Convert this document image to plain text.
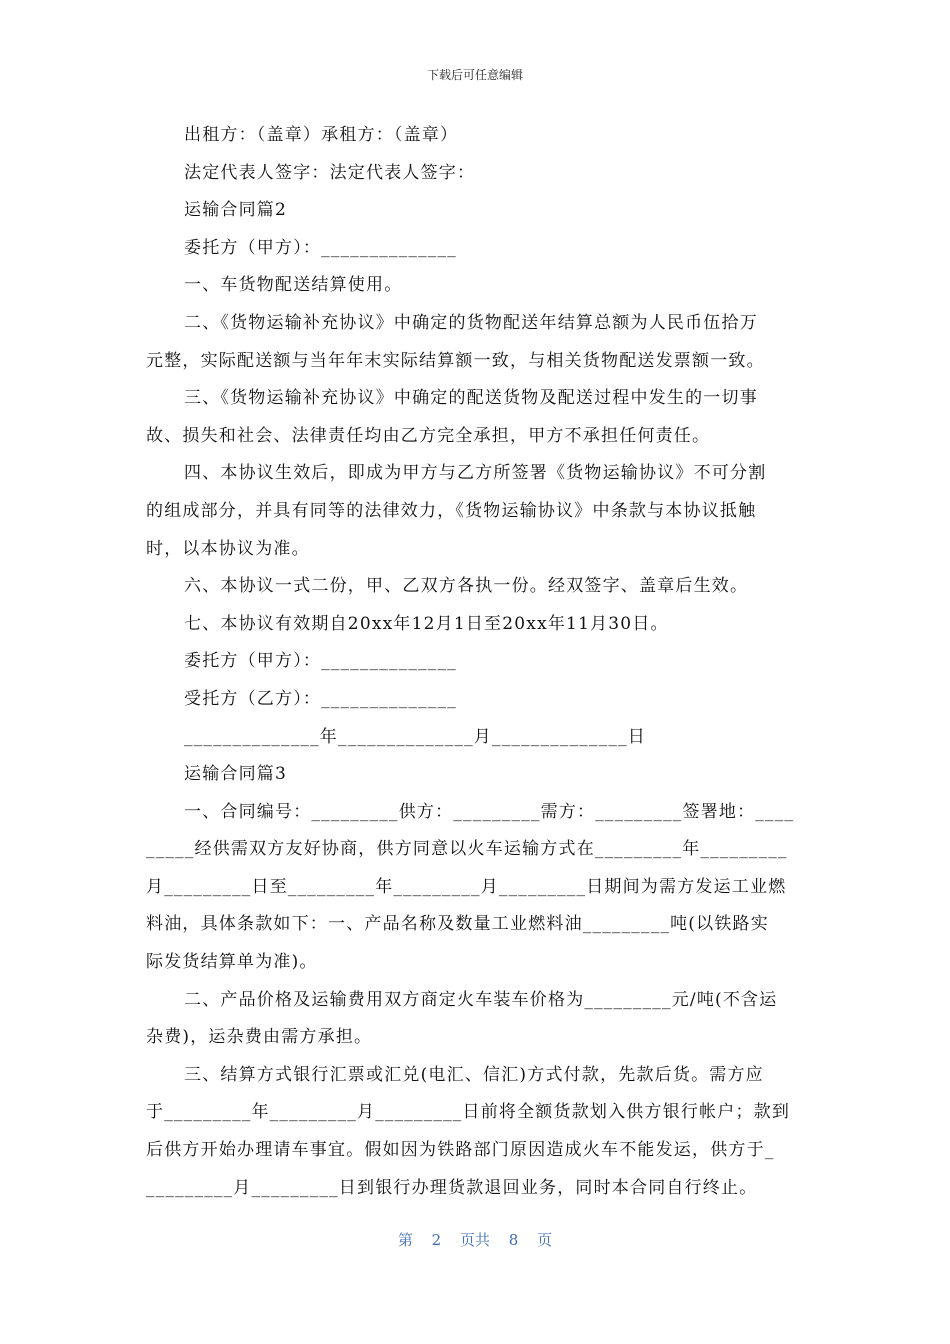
下载后可任意编辑
出租方：（盖章）承租方：（盖章）
法定代表人签字：法定代表人签字：
运输合同篇2
委托方（甲方）：______________
一、车货物配送结算使用。
二、《货物运输补充协议》中确定的货物配送年结算总额为人民币伍拾万
元整，实际配送额与当年年末实际结算额一致，与相关货物配送发票额一致。
三、《货物运输补充协议》中确定的配送货物及配送过程中发生的一切事
故、损失和社会、法律责任均由乙方完全承担，甲方不承担任何责任。
四、本协议生效后，即成为甲方与乙方所签署《货物运输协议》不可分割
的组成部分，并具有同等的法律效力，《货物运输协议》中条款与本协议抵触
时，以本协议为准。
六、本协议一式二份，甲、乙双方各执一份。经双签字、盖章后生效。
七、本协议有效期自20xx年12月1日至20xx年11月30日。
委托方（甲方）：______________
受托方（乙方）：______________
______________年______________月______________日
运输合同篇3
一、合同编号：_________供方：_________需方：_________签署地：____
_____经供需双方友好协商，供方同意以火车运输方式在_________年_________
月_________日至_________年_________月_________日期间为需方发运工业燃
料油，具体条款如下：一、产品名称及数量工业燃料油_________吨(以铁路实
际发货结算单为准)。
二、产品价格及运输费用双方商定火车装车价格为_________元/吨(不含运
杂费)，运杂费由需方承担。
三、结算方式银行汇票或汇兑(电汇、信汇)方式付款，先款后货。需方应
于_________年_________月_________日前将全额货款划入供方银行帐户；款到
后供方开始办理请车事宜。假如因为铁路部门原因造成火车不能发运，供方于_
_________月_________日到银行办理货款退回业务，同时本合同自行终止。
第 2 页共 8 页
